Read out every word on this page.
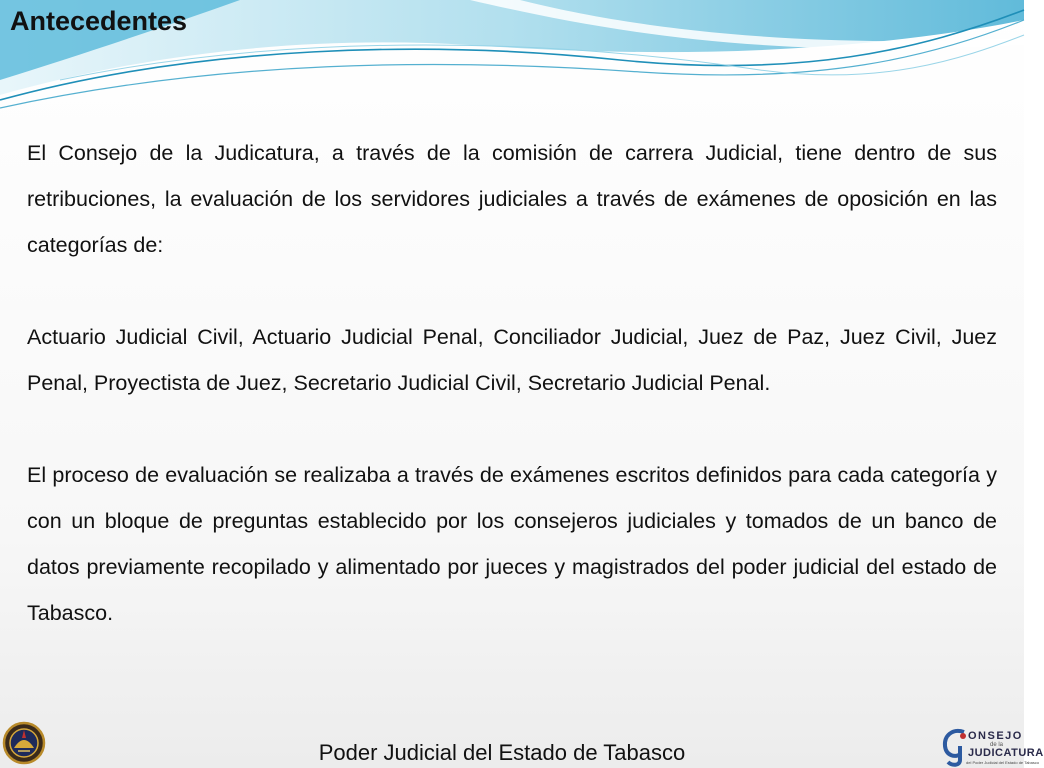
Antecedentes

El Consejo de la Judicatura, a través de la comisión de carrera Judicial, tiene dentro de sus retribuciones, la evaluación de los servidores judiciales a través de exámenes de oposición en las categorías de:

Actuario Judicial Civil, Actuario Judicial Penal, Conciliador Judicial, Juez de Paz, Juez Civil, Juez Penal, Proyectista de Juez, Secretario Judicial Civil, Secretario Judicial Penal.

El proceso de evaluación se realizaba a través de exámenes escritos definidos para cada categoría y con un bloque de preguntas establecido por los consejeros judiciales y tomados de un banco de datos previamente recopilado y alimentado por jueces y magistrados del poder judicial del estado de Tabasco.

Poder Judicial del Estado de Tabasco
ONSEJO
de la
JUDICATURA
del Poder Judicial del Estado de Tabasco
